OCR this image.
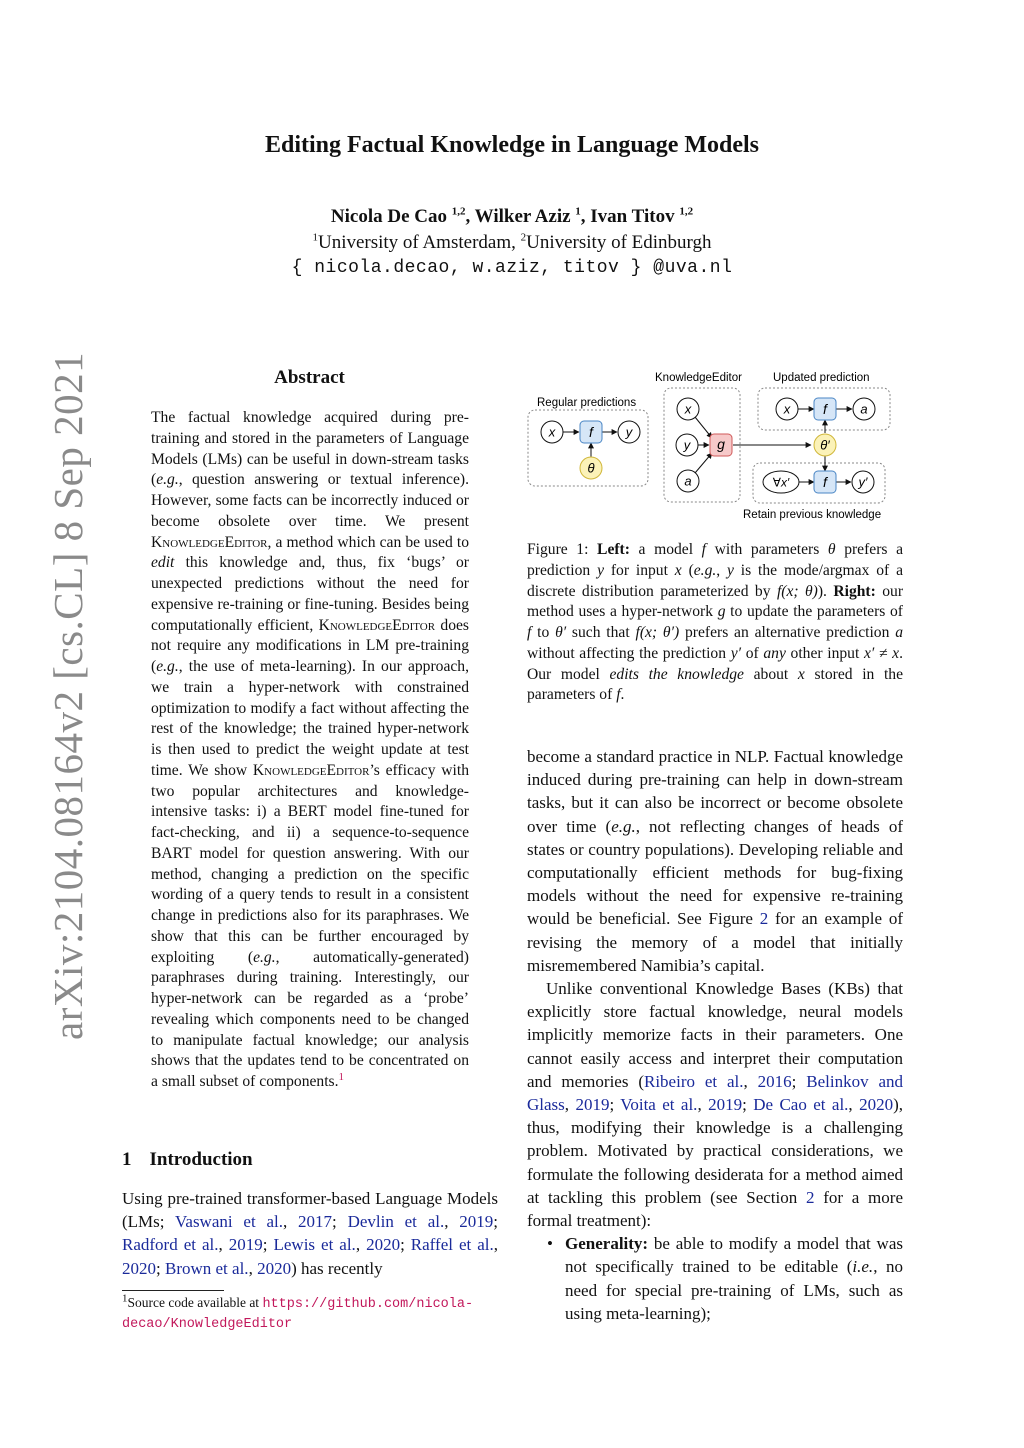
arXiv:2104.08164v2 [cs.CL] 8 Sep 2021
Editing Factual Knowledge in Language Models
Nicola De Cao $^{1,2}$, Wilker Aziz $^1$, Ivan Titov $^{1,2}$
$^1$University of Amsterdam, $^2$University of Edinburgh
{ nicola.decao, w.aziz, titov } @uva.nl
Abstract
The factual knowledge acquired during pre-training and stored in the parameters of Language Models (LMs) can be useful in down-stream tasks (e.g., question answering or textual inference). However, some facts can be incorrectly induced or become obsolete over time. We present KnowledgeEditor, a method which can be used to edit this knowledge and, thus, fix ‘bugs’ or unexpected predictions without the need for expensive re-training or fine-tuning. Besides being computationally efficient, KnowledgeEditor does not require any modifications in LM pre-training (e.g., the use of meta-learning). In our approach, we train a hyper-network with constrained optimization to modify a fact without affecting the rest of the knowledge; the trained hyper-network is then used to predict the weight update at test time. We show KnowledgeEditor’s efficacy with two popular architectures and knowledge-intensive tasks: i) a BERT model fine-tuned for fact-checking, and ii) a sequence-to-sequence BART model for question answering. With our method, changing a prediction on the specific wording of a query tends to result in a consistent change in predictions also for its paraphrases. We show that this can be further encouraged by exploiting (e.g., automatically-generated) paraphrases during training. Interestingly, our hyper-network can be regarded as a ‘probe’ revealing which components need to be changed to manipulate factual knowledge; our analysis shows that the updates tend to be concentrated on a small subset of components.$^1$
1 Introduction
Using pre-trained transformer-based Language Models (LMs; Vaswani et al., 2017; Devlin et al., 2019; Radford et al., 2019; Lewis et al., 2020; Raffel et al., 2020; Brown et al., 2020) has recently
$^1$Source code available at https://github.com/nicola-decao/KnowledgeEditor
Regular predictions
KnowledgeEditor	Updated prediction
Retain previous knowledge
x f	y
θ
x
y
a
g
x f	a
θ′
∀x′ f y′
Figure 1: Left: a model f with parameters θ prefers a prediction y for input x (e.g., y is the mode/argmax of a discrete distribution parameterized by f(x; θ)). Right: our method uses a hyper-network g to update the parameters of f to θ′ such that f(x; θ′) prefers an alternative prediction a without affecting the prediction y′ of any other input x′ ≠ x. Our model edits the knowledge about x stored in the parameters of f.

become a standard practice in NLP. Factual knowledge induced during pre-training can help in down-stream tasks, but it can also be incorrect or become obsolete over time (e.g., not reflecting changes of heads of states or country populations). Developing reliable and computationally efficient methods for bug-fixing models without the need for expensive re-training would be beneficial. See Figure 2 for an example of revising the memory of a model that initially misremembered Namibia’s capital.

Unlike conventional Knowledge Bases (KBs) that explicitly store factual knowledge, neural models implicitly memorize facts in their parameters. One cannot easily access and interpret their computation and memories (Ribeiro et al., 2016; Belinkov and Glass, 2019; Voita et al., 2019; De Cao et al., 2020), thus, modifying their knowledge is a challenging problem. Motivated by practical considerations, we formulate the following desiderata for a method aimed at tackling this problem (see Section 2 for a more formal treatment):

• Generality: be able to modify a model that was not specifically trained to be editable (i.e., no need for special pre-training of LMs, such as using meta-learning);
